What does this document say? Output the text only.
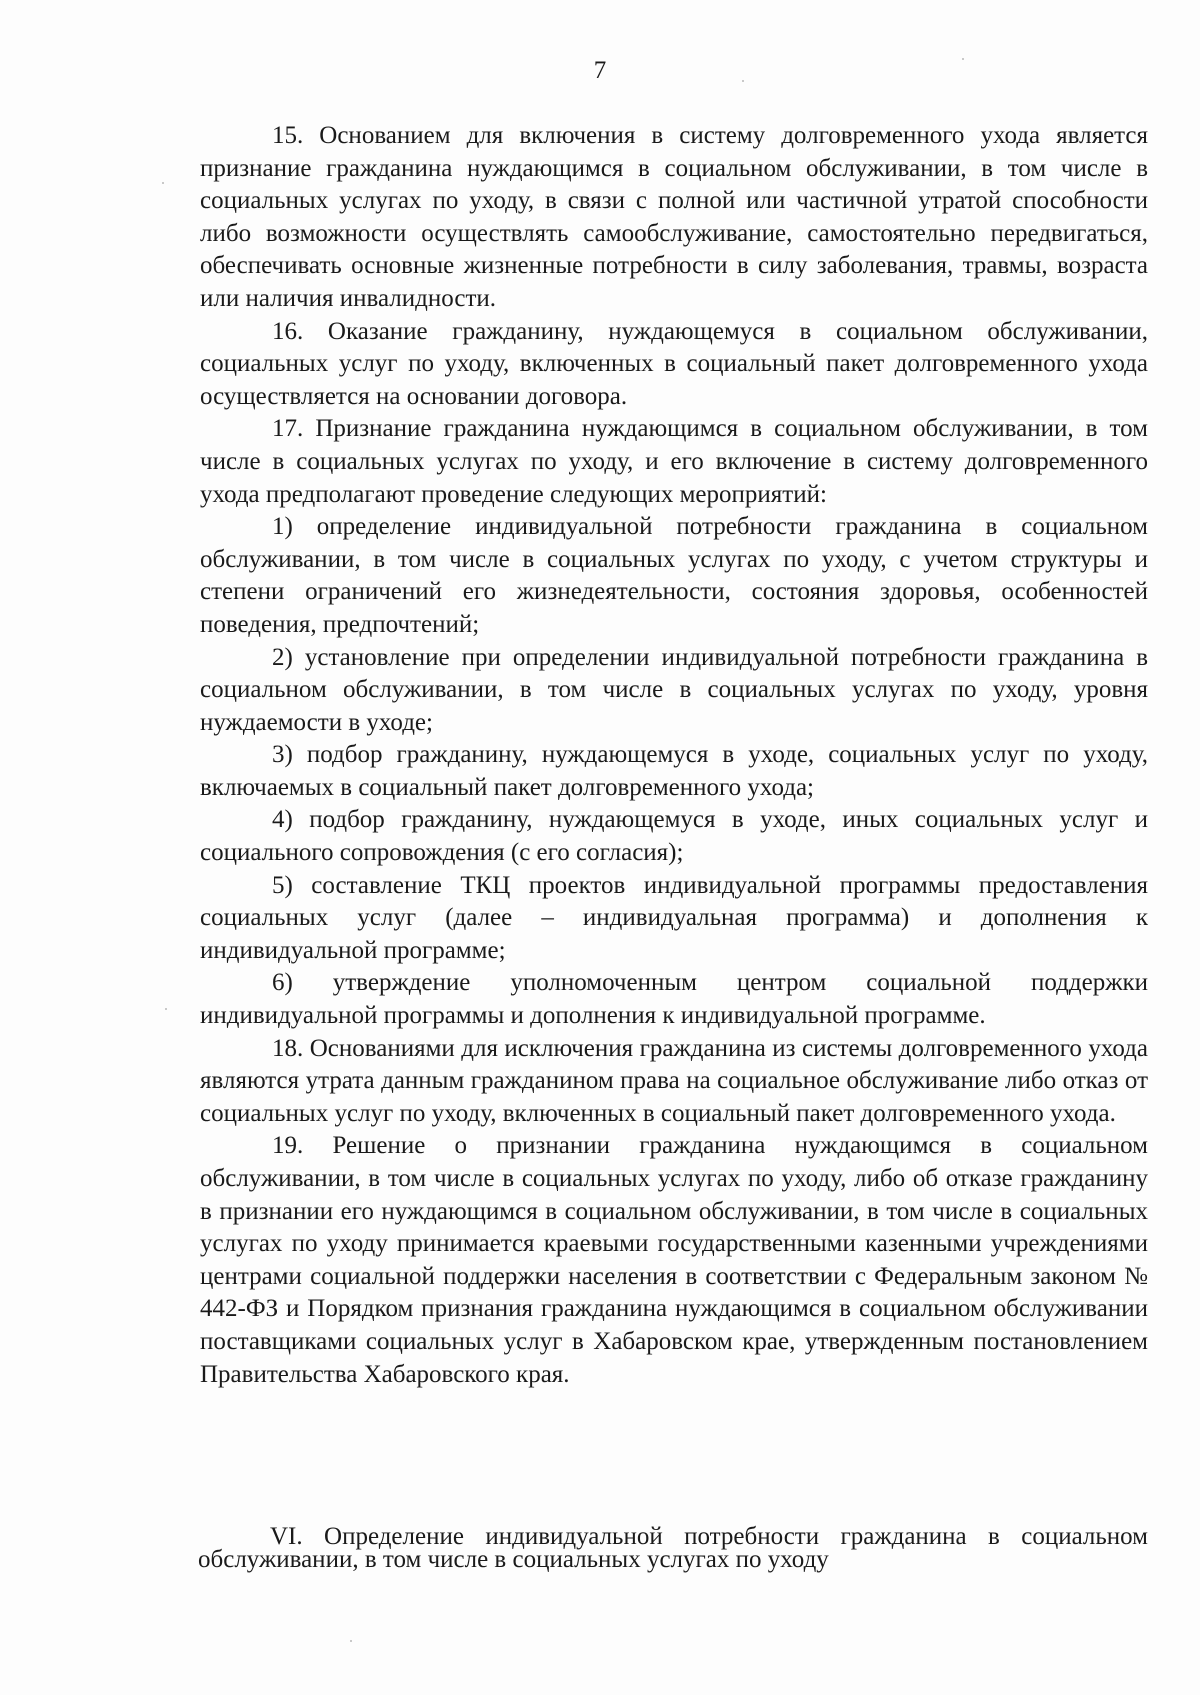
7

15. Основанием для включения в систему долговременного ухода является признание гражданина нуждающимся в социальном обслуживании, в том числе в социальных услугах по уходу, в связи с полной или частичной утратой способности либо возможности осуществлять самообслуживание, самостоятельно передвигаться, обеспечивать основные жизненные потребности в силу заболевания, травмы, возраста или наличия инвалидности.

16. Оказание гражданину, нуждающемуся в социальном обслуживании, социальных услуг по уходу, включенных в социальный пакет долговременного ухода осуществляется на основании договора.

17. Признание гражданина нуждающимся в социальном обслуживании, в том числе в социальных услугах по уходу, и его включение в систему долговременного ухода предполагают проведение следующих мероприятий:

1) определение индивидуальной потребности гражданина в социальном обслуживании, в том числе в социальных услугах по уходу, с учетом структуры и степени ограничений его жизнедеятельности, состояния здоровья, особенностей поведения, предпочтений;

2) установление при определении индивидуальной потребности гражданина в социальном обслуживании, в том числе в социальных услугах по уходу, уровня нуждаемости в уходе;

3) подбор гражданину, нуждающемуся в уходе, социальных услуг по уходу, включаемых в социальный пакет долговременного ухода;

4) подбор гражданину, нуждающемуся в уходе, иных социальных услуг и социального сопровождения (с его согласия);

5) составление ТКЦ проектов индивидуальной программы предоставления социальных услуг (далее – индивидуальная программа) и дополнения к индивидуальной программе;

6) утверждение уполномоченным центром социальной поддержки индивидуальной программы и дополнения к индивидуальной программе.

18. Основаниями для исключения гражданина из системы долговременного ухода являются утрата данным гражданином права на социальное обслуживание либо отказ от социальных услуг по уходу, включенных в социальный пакет долговременного ухода.

19. Решение о признании гражданина нуждающимся в социальном обслуживании, в том числе в социальных услугах по уходу, либо об отказе гражданину в признании его нуждающимся в социальном обслуживании, в том числе в социальных услугах по уходу принимается краевыми государственными казенными учреждениями центрами социальной поддержки населения в соответствии с Федеральным законом № 442-ФЗ и Порядком признания гражданина нуждающимся в социальном обслуживании поставщиками социальных услуг в Хабаровском крае, утвержденным постановлением Правительства Хабаровского края.

VI. Определение индивидуальной потребности гражданина в социальном обслуживании, в том числе в социальных услугах по уходу
